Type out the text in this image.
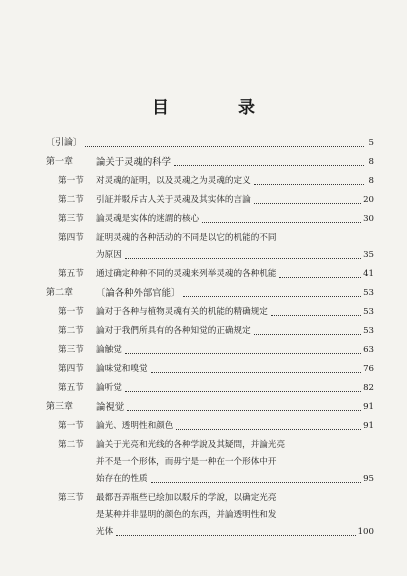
目　录
〔引論〕	5
第一章	論关于灵魂的科学	8
第一节	对灵魂的証明，以及灵魂之为灵魂的定义	8
第二节	引証并駁斥古人关于灵魂及其实体的言論	20
第三节	論灵魂是实体的迷謂的核心	30
第四节	証明灵魂的各种活动的不同是以它的机能的不同
为原因	35
第五节	通过确定种种不同的灵魂来列举灵魂的各种机能	41
第二章	〔論各种外部官能〕	53
第一节	論对于各种与植物灵魂有关的机能的精确规定	53
第二节	論对于我們所具有的各种知觉的正确规定	53
第三节	論触觉	63
第四节	論味觉和嗅觉	76
第五节	論听觉	82
第三章	論視觉	91
第一节	論光、透明性和颜色	91
第二节	論关于光亮和光线的各种学說及其疑問，并論光亮
并不是一个形体，而毋宁是一种在一个形体中开
始存在的性质	95
第三节	最都吾弄瓶些已绘加以駁斥的学說，以确定光亮
是某种并非显明的颜色的东西，并論透明性和发
光体	100
